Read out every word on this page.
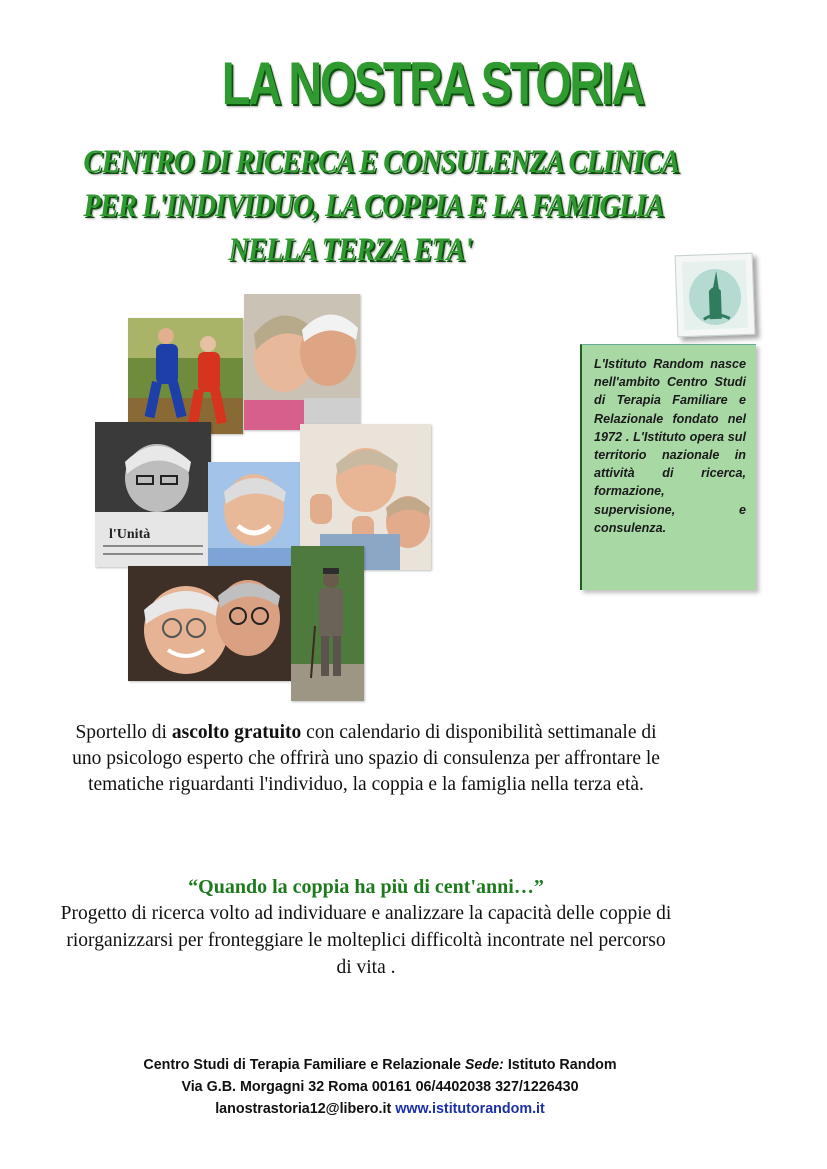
LA NOSTRA STORIA
CENTRO DI RICERCA E CONSULENZA CLINICA
PER L'INDIVIDUO, LA COPPIA E LA FAMIGLIA
NELLA TERZA ETA'
L'Istituto Random nasce nell'ambito Centro Studi di Terapia Familiare e Relazionale fondato nel 1972 . L'Istituto opera sul territorio nazionale in attività di ricerca, formazione, supervisione, e consulenza.
l'Unità
Sportello di ascolto gratuito con calendario di disponibilità settimanale di uno psicologo esperto che offrirà uno spazio di consulenza per affrontare le tematiche riguardanti l'individuo, la coppia e la famiglia nella terza età.
“Quando la coppia ha più di cent'anni…”
Progetto di ricerca volto ad individuare e analizzare la capacità delle coppie di riorganizzarsi per fronteggiare le molteplici difficoltà incontrate nel percorso di vita .
Centro Studi di Terapia Familiare e Relazionale Sede: Istituto Random
Via G.B. Morgagni 32 Roma 00161 06/4402038 327/1226430
lanostrastoria12@libero.it www.istitutorandom.it
